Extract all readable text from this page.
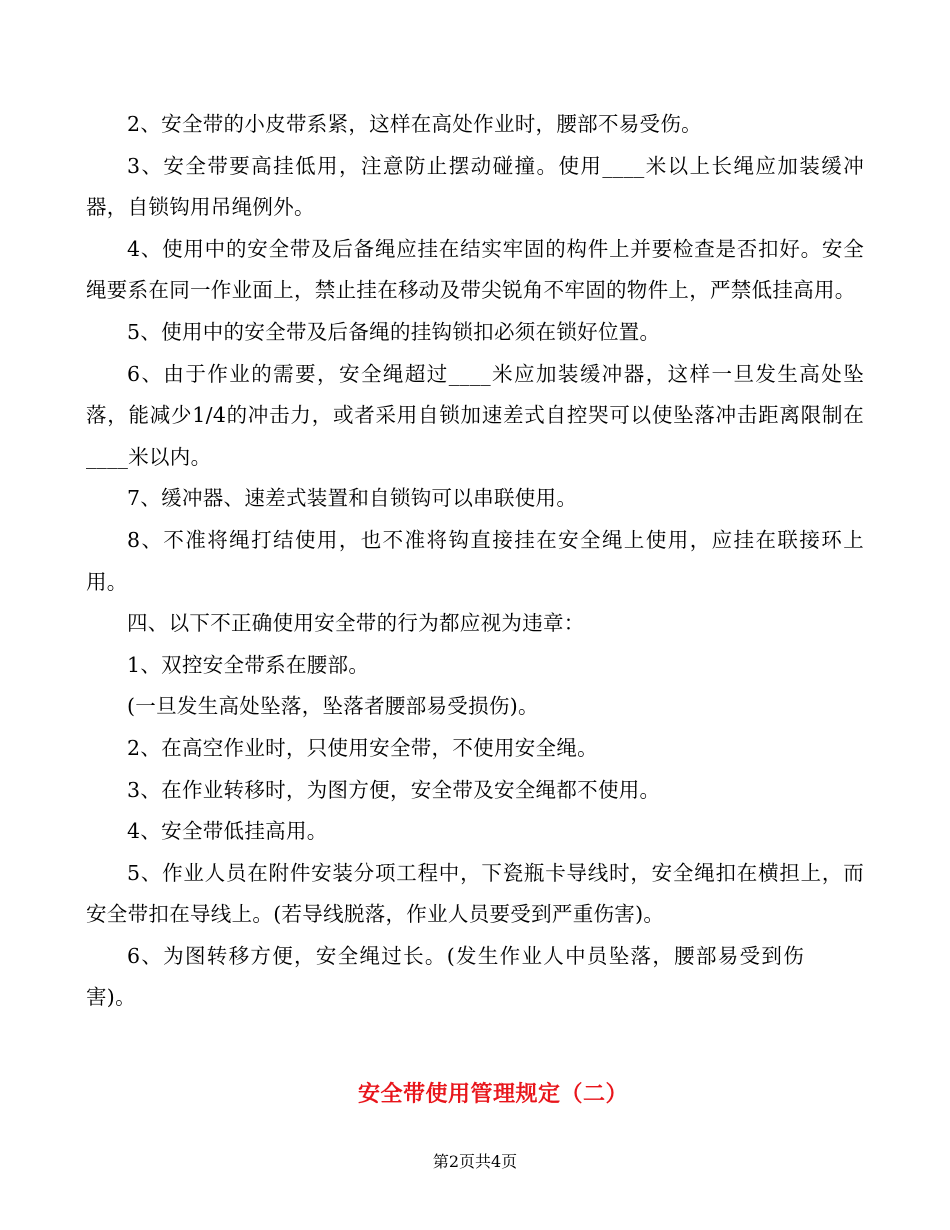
2、安全带的小皮带系紧，这样在高处作业时，腰部不易受伤。

3、安全带要高挂低用，注意防止摆动碰撞。使用____米以上长绳应加装缓冲器，自锁钩用吊绳例外。

4、使用中的安全带及后备绳应挂在结实牢固的构件上并要检查是否扣好。安全绳要系在同一作业面上，禁止挂在移动及带尖锐角不牢固的物件上，严禁低挂高用。

5、使用中的安全带及后备绳的挂钩锁扣必须在锁好位置。

6、由于作业的需要，安全绳超过____米应加装缓冲器，这样一旦发生高处坠落，能减少1/4的冲击力，或者采用自锁加速差式自控哭可以使坠落冲击距离限制在____米以内。

7、缓冲器、速差式装置和自锁钩可以串联使用。

8、不准将绳打结使用，也不准将钩直接挂在安全绳上使用，应挂在联接环上用。

四、以下不正确使用安全带的行为都应视为违章：

1、双控安全带系在腰部。

(一旦发生高处坠落，坠落者腰部易受损伤)。

2、在高空作业时，只使用安全带，不使用安全绳。

3、在作业转移时，为图方便，安全带及安全绳都不使用。

4、安全带低挂高用。

5、作业人员在附件安装分项工程中，下瓷瓶卡导线时，安全绳扣在横担上，而安全带扣在导线上。(若导线脱落，作业人员要受到严重伤害)。

6、为图转移方便，安全绳过长。(发生作业人中员坠落，腰部易受到伤害)。

安全带使用管理规定（二）
第2页共4页
